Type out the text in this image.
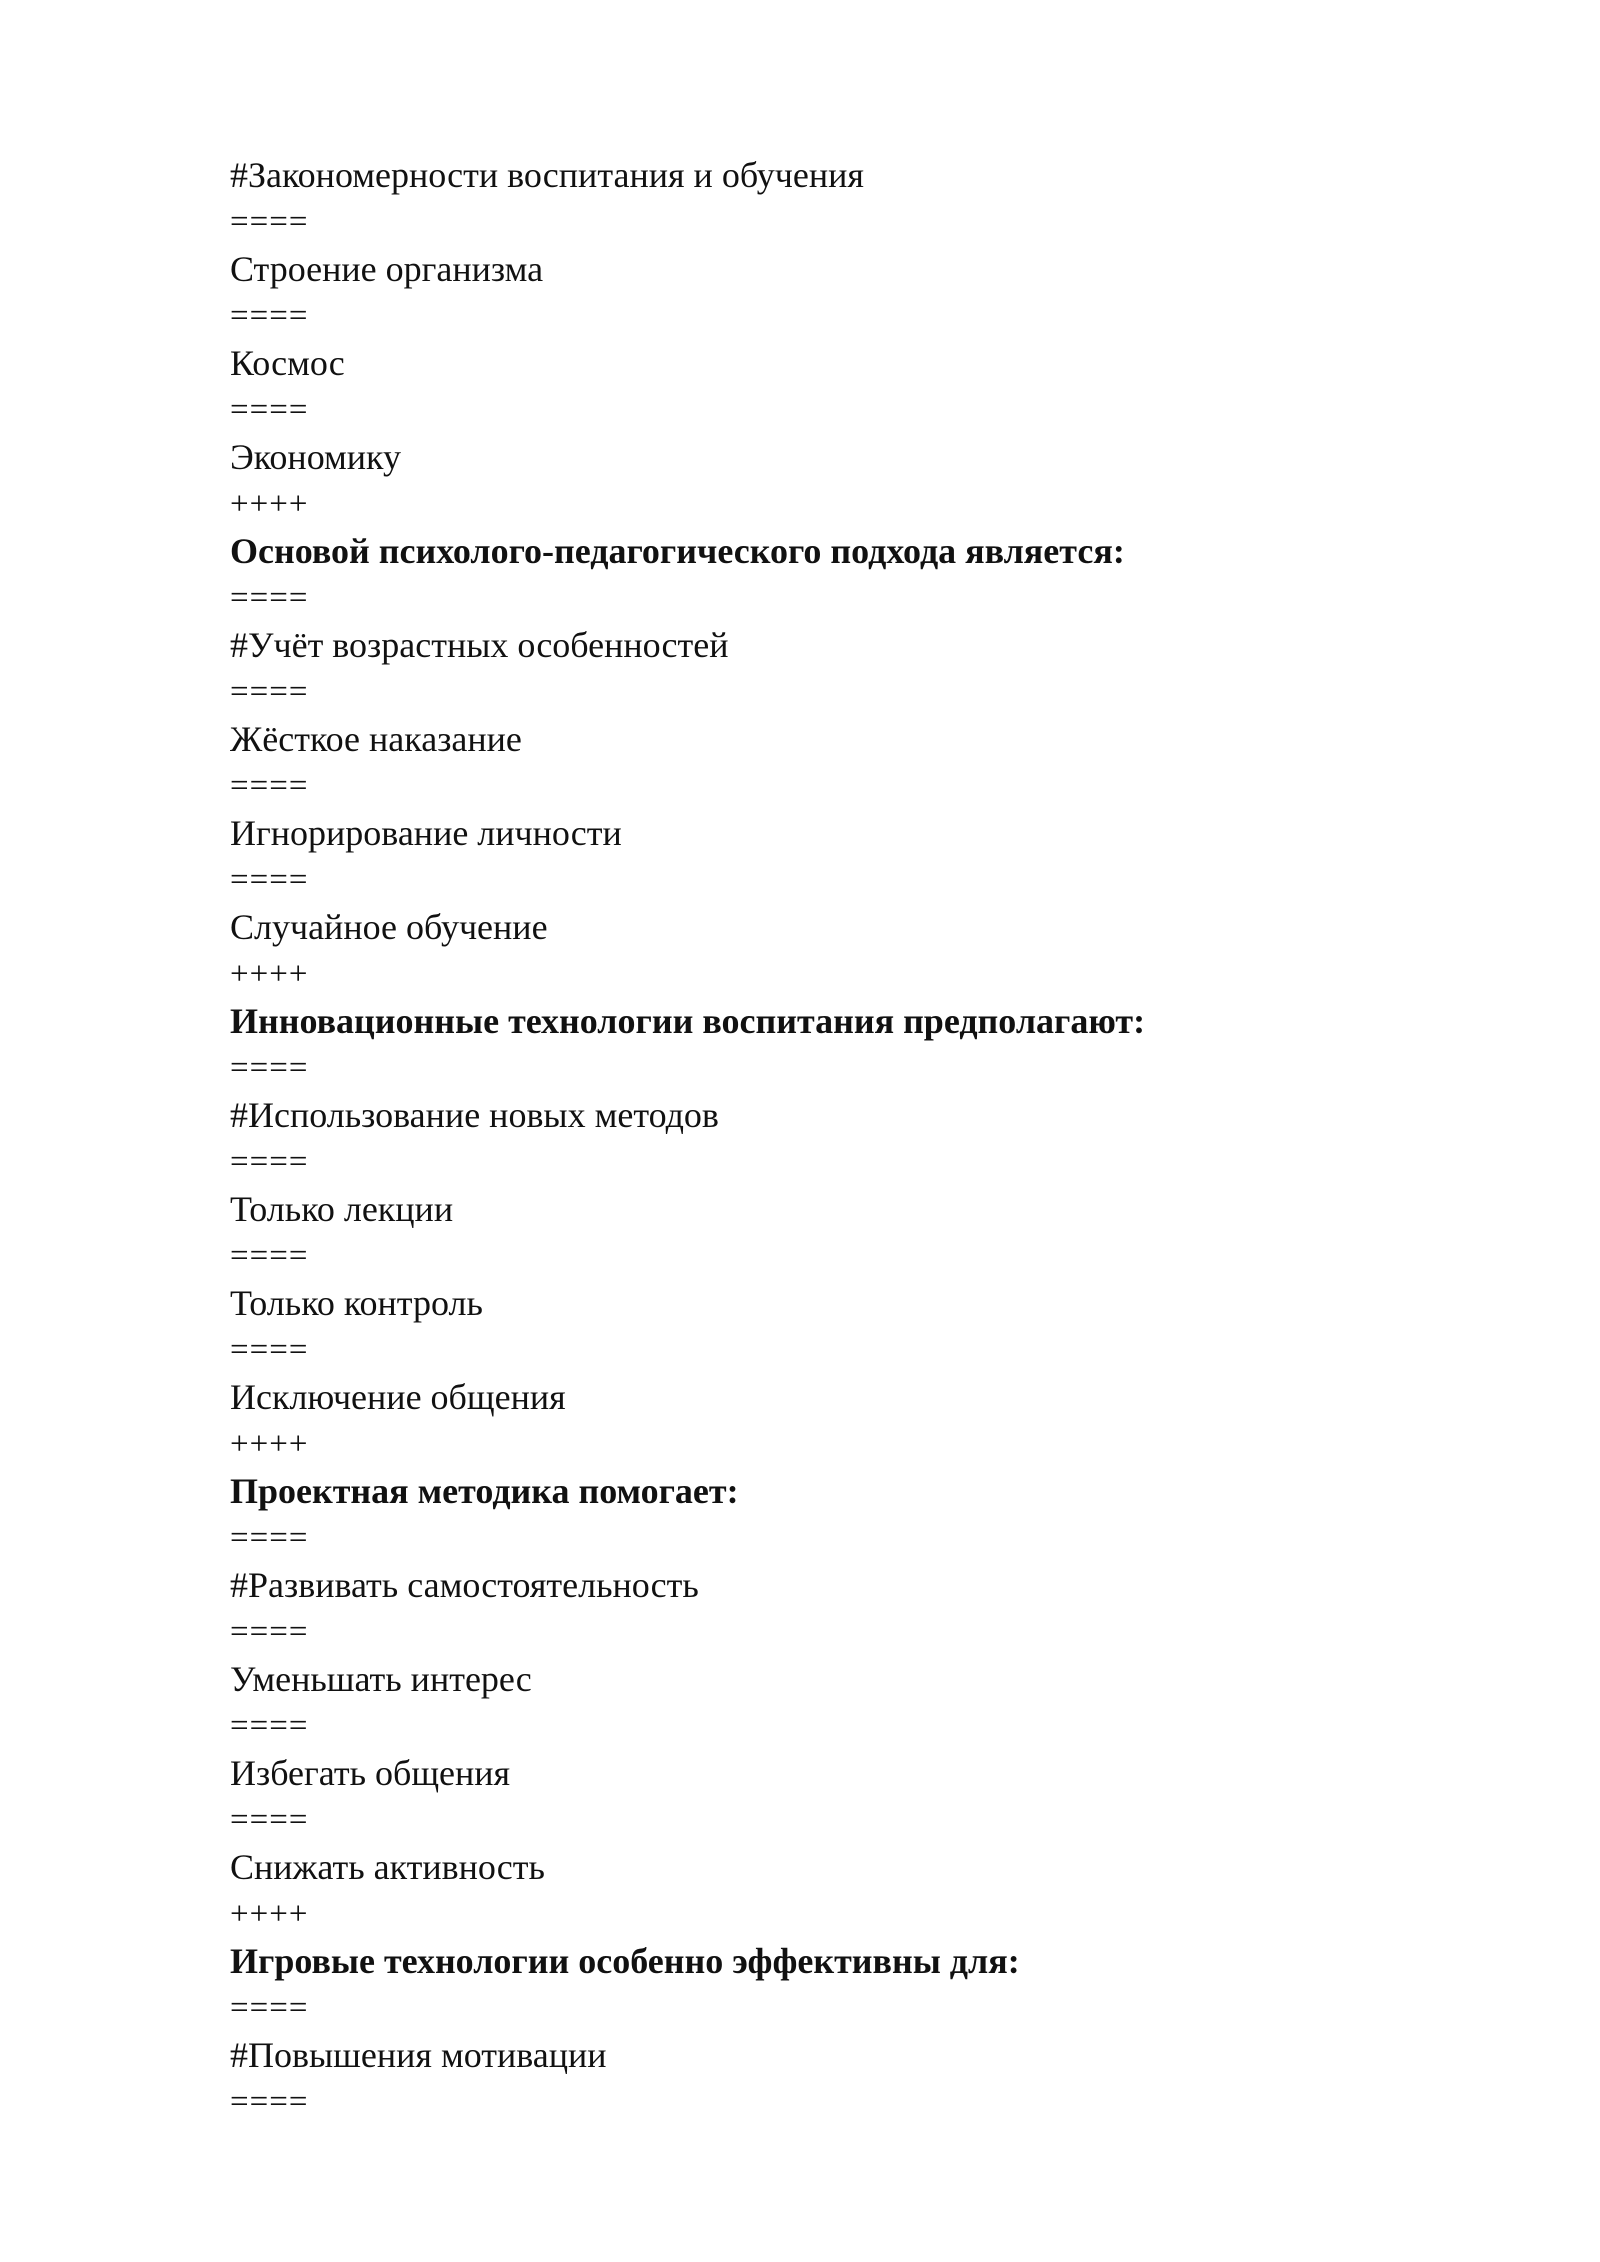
#Закономерности воспитания и обучения

====

Строение организма

====

Космос

====

Экономику

++++

Основой психолого-педагогического подхода является:

====

#Учёт возрастных особенностей

====

Жёсткое наказание

====

Игнорирование личности

====

Случайное обучение

++++

Инновационные технологии воспитания предполагают:

====

#Использование новых методов

====

Только лекции

====

Только контроль

====

Исключение общения

++++

Проектная методика помогает:

====

#Развивать самостоятельность

====

Уменьшать интерес

====

Избегать общения

====

Снижать активность

++++

Игровые технологии особенно эффективны для:

====

#Повышения мотивации

====
